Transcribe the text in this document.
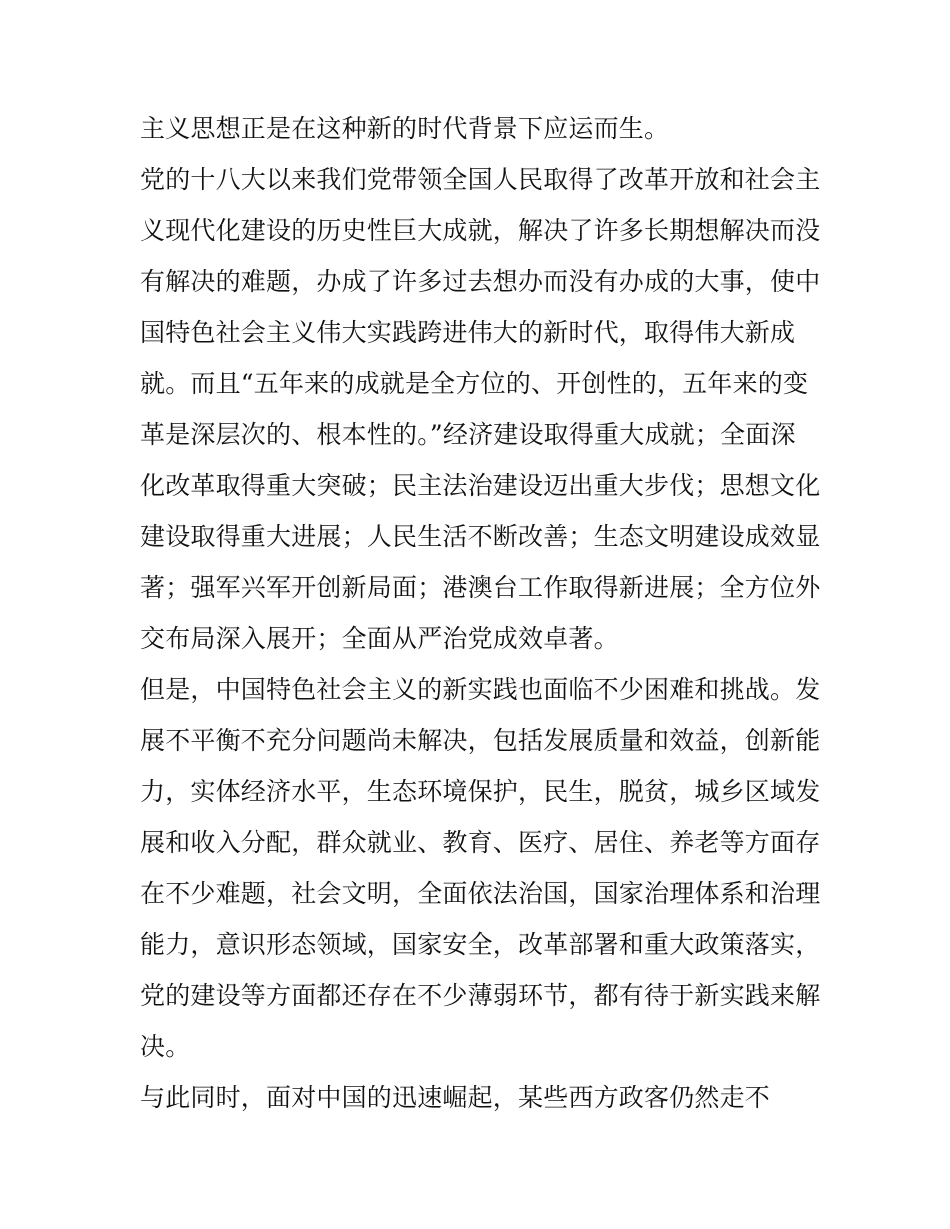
主义思想正是在这种新的时代背景下应运而生。
党的十八大以来我们党带领全国人民取得了改革开放和社会主
义现代化建设的历史性巨大成就，解决了许多长期想解决而没
有解决的难题，办成了许多过去想办而没有办成的大事，使中
国特色社会主义伟大实践跨进伟大的新时代，取得伟大新成
就。而且“五年来的成就是全方位的、开创性的，五年来的变
革是深层次的、根本性的。”经济建设取得重大成就；全面深
化改革取得重大突破；民主法治建设迈出重大步伐；思想文化
建设取得重大进展；人民生活不断改善；生态文明建设成效显
著；强军兴军开创新局面；港澳台工作取得新进展；全方位外
交布局深入展开；全面从严治党成效卓著。
但是，中国特色社会主义的新实践也面临不少困难和挑战。发
展不平衡不充分问题尚未解决，包括发展质量和效益，创新能
力，实体经济水平，生态环境保护，民生，脱贫，城乡区域发
展和收入分配，群众就业、教育、医疗、居住、养老等方面存
在不少难题，社会文明，全面依法治国，国家治理体系和治理
能力，意识形态领域，国家安全，改革部署和重大政策落实，
党的建设等方面都还存在不少薄弱环节，都有待于新实践来解
决。
与此同时，面对中国的迅速崛起，某些西方政客仍然走不
